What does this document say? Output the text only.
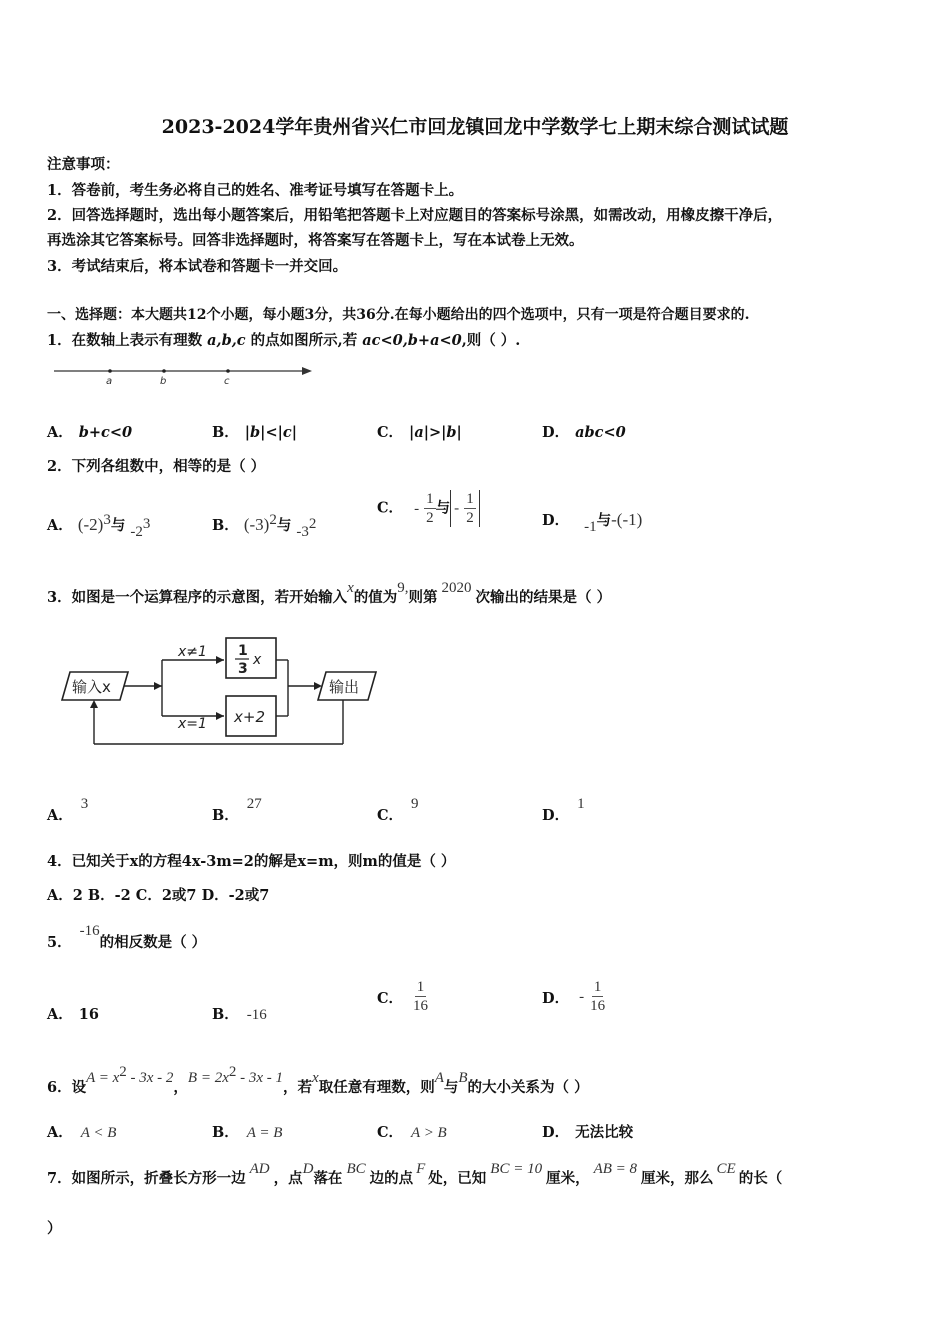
2023-2024学年贵州省兴仁市回龙镇回龙中学数学七上期末综合测试试题
注意事项：
1．答卷前，考生务必将自己的姓名、准考证号填写在答题卡上。
2．回答选择题时，选出每小题答案后，用铅笔把答题卡上对应题目的答案标号涂黑，如需改动，用橡皮擦干净后，
再选涂其它答案标号。回答非选择题时，将答案写在答题卡上，写在本试卷上无效。
3．考试结束后，将本试卷和答题卡一并交回。
一、选择题：本大题共12个小题，每小题3分，共36分.在每小题给出的四个选项中，只有一项是符合题目要求的.
1．在数轴上表示有理数 a,b,c 的点如图所示,若 ac<0,b+a<0,则（ ）.
a	b	c
A． b+c<0	B． |b|<|c|	C． |a|>|b|	D． abc<0
2．下列各组数中，相等的是（ ）
A． $(-2)^3$与 $-2^3$	B． $(-3)^2$与 $-3^2$
C． - $\frac{1}{2}$ 与 - $\frac{1}{2}$	D． -1与-(-1)
3．如图是一个运算程序的示意图，若开始输入x的值为9,则第2020次输出的结果是（ ）
输入x
x≠1
x=1
1
3
x
x+2
输出
A．3
B．27
C．9
D．1
4．已知关于x的方程4x-3m=2的解是x=m，则m的值是（ ）
A．2 B．-2 C．2或7 D．-2或7
5．-16的相反数是（ ）
A． 16	B． -16
C． $\frac{1}{16}$	D． - $\frac{1}{16}$
6．设$A = x^2 - 3x - 2$，$B = 2x^2 - 3x - 1$，若x取任意有理数，则A与B的大小关系为（ ）
A． A < B	B． A = B	C． A > B	D． 无法比较
7．如图所示，折叠长方形一边AD，点D落在BC边的点F处，已知BC = 10厘米，AB = 8厘米，那么CE的长（
）
